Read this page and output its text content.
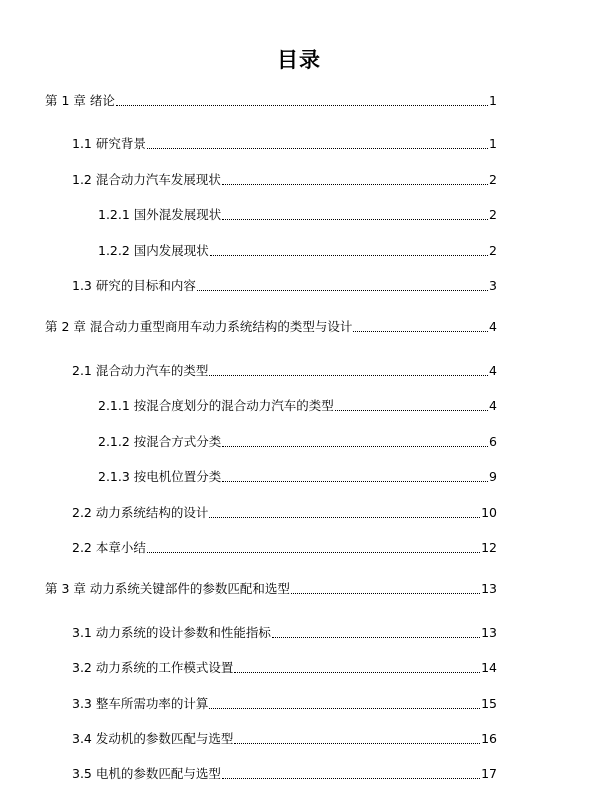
目录
第 1 章 绪论	1
1.1 研究背景	1
1.2 混合动力汽车发展现状	2
1.2.1 国外混发展现状	2
1.2.2 国内发展现状	2
1.3 研究的目标和内容	3
第 2 章 混合动力重型商用车动力系统结构的类型与设计	4
2.1 混合动力汽车的类型	4
2.1.1 按混合度划分的混合动力汽车的类型	4
2.1.2 按混合方式分类	6
2.1.3 按电机位置分类	9
2.2 动力系统结构的设计	10
2.2 本章小结	12
第 3 章 动力系统关键部件的参数匹配和选型	13
3.1 动力系统的设计参数和性能指标	13
3.2 动力系统的工作模式设置	14
3.3 整车所需功率的计算	15
3.4 发动机的参数匹配与选型	16
3.5 电机的参数匹配与选型	17
